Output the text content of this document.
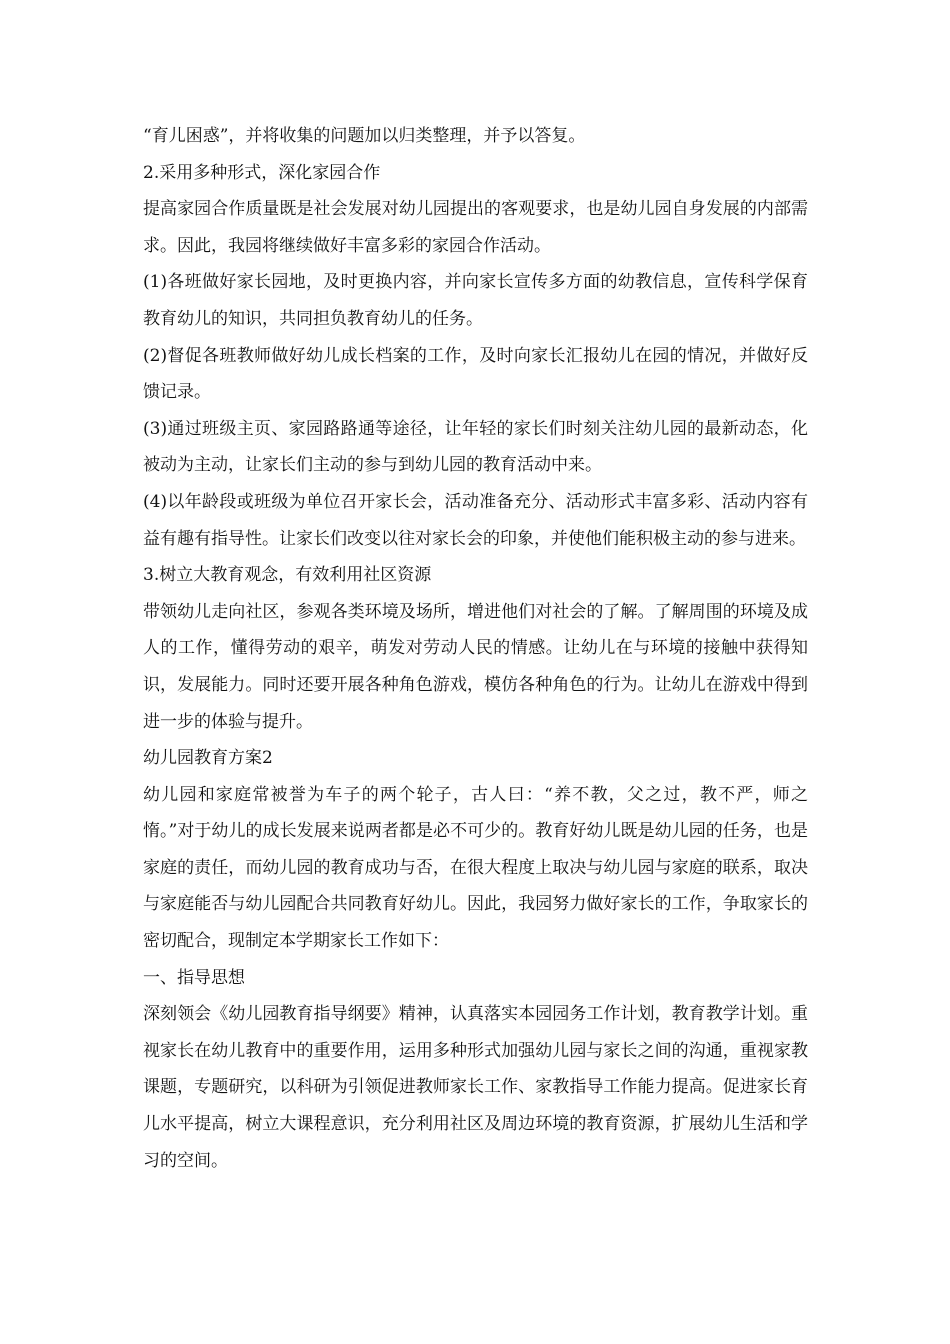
“育儿困惑”，并将收集的问题加以归类整理，并予以答复。

2.采用多种形式，深化家园合作

提高家园合作质量既是社会发展对幼儿园提出的客观要求，也是幼儿园自身发展的内部需求。因此，我园将继续做好丰富多彩的家园合作活动。

(1)各班做好家长园地，及时更换内容，并向家长宣传多方面的幼教信息，宣传科学保育教育幼儿的知识，共同担负教育幼儿的任务。

(2)督促各班教师做好幼儿成长档案的工作，及时向家长汇报幼儿在园的情况，并做好反馈记录。

(3)通过班级主页、家园路路通等途径，让年轻的家长们时刻关注幼儿园的最新动态，化被动为主动，让家长们主动的参与到幼儿园的教育活动中来。

(4)以年龄段或班级为单位召开家长会，活动准备充分、活动形式丰富多彩、活动内容有益有趣有指导性。让家长们改变以往对家长会的印象，并使他们能积极主动的参与进来。

3.树立大教育观念，有效利用社区资源

带领幼儿走向社区，参观各类环境及场所，增进他们对社会的了解。了解周围的环境及成人的工作，懂得劳动的艰辛，萌发对劳动人民的情感。让幼儿在与环境的接触中获得知识，发展能力。同时还要开展各种角色游戏，模仿各种角色的行为。让幼儿在游戏中得到进一步的体验与提升。

幼儿园教育方案2

幼儿园和家庭常被誉为车子的两个轮子，古人曰：“养不教，父之过，教不严，师之惰。”对于幼儿的成长发展来说两者都是必不可少的。教育好幼儿既是幼儿园的任务，也是家庭的责任，而幼儿园的教育成功与否，在很大程度上取决与幼儿园与家庭的联系，取决与家庭能否与幼儿园配合共同教育好幼儿。因此，我园努力做好家长的工作，争取家长的密切配合，现制定本学期家长工作如下：

一、指导思想

深刻领会《幼儿园教育指导纲要》精神，认真落实本园园务工作计划，教育教学计划。重视家长在幼儿教育中的重要作用，运用多种形式加强幼儿园与家长之间的沟通，重视家教课题，专题研究，以科研为引领促进教师家长工作、家教指导工作能力提高。促进家长育儿水平提高，树立大课程意识，充分利用社区及周边环境的教育资源，扩展幼儿生活和学习的空间。
